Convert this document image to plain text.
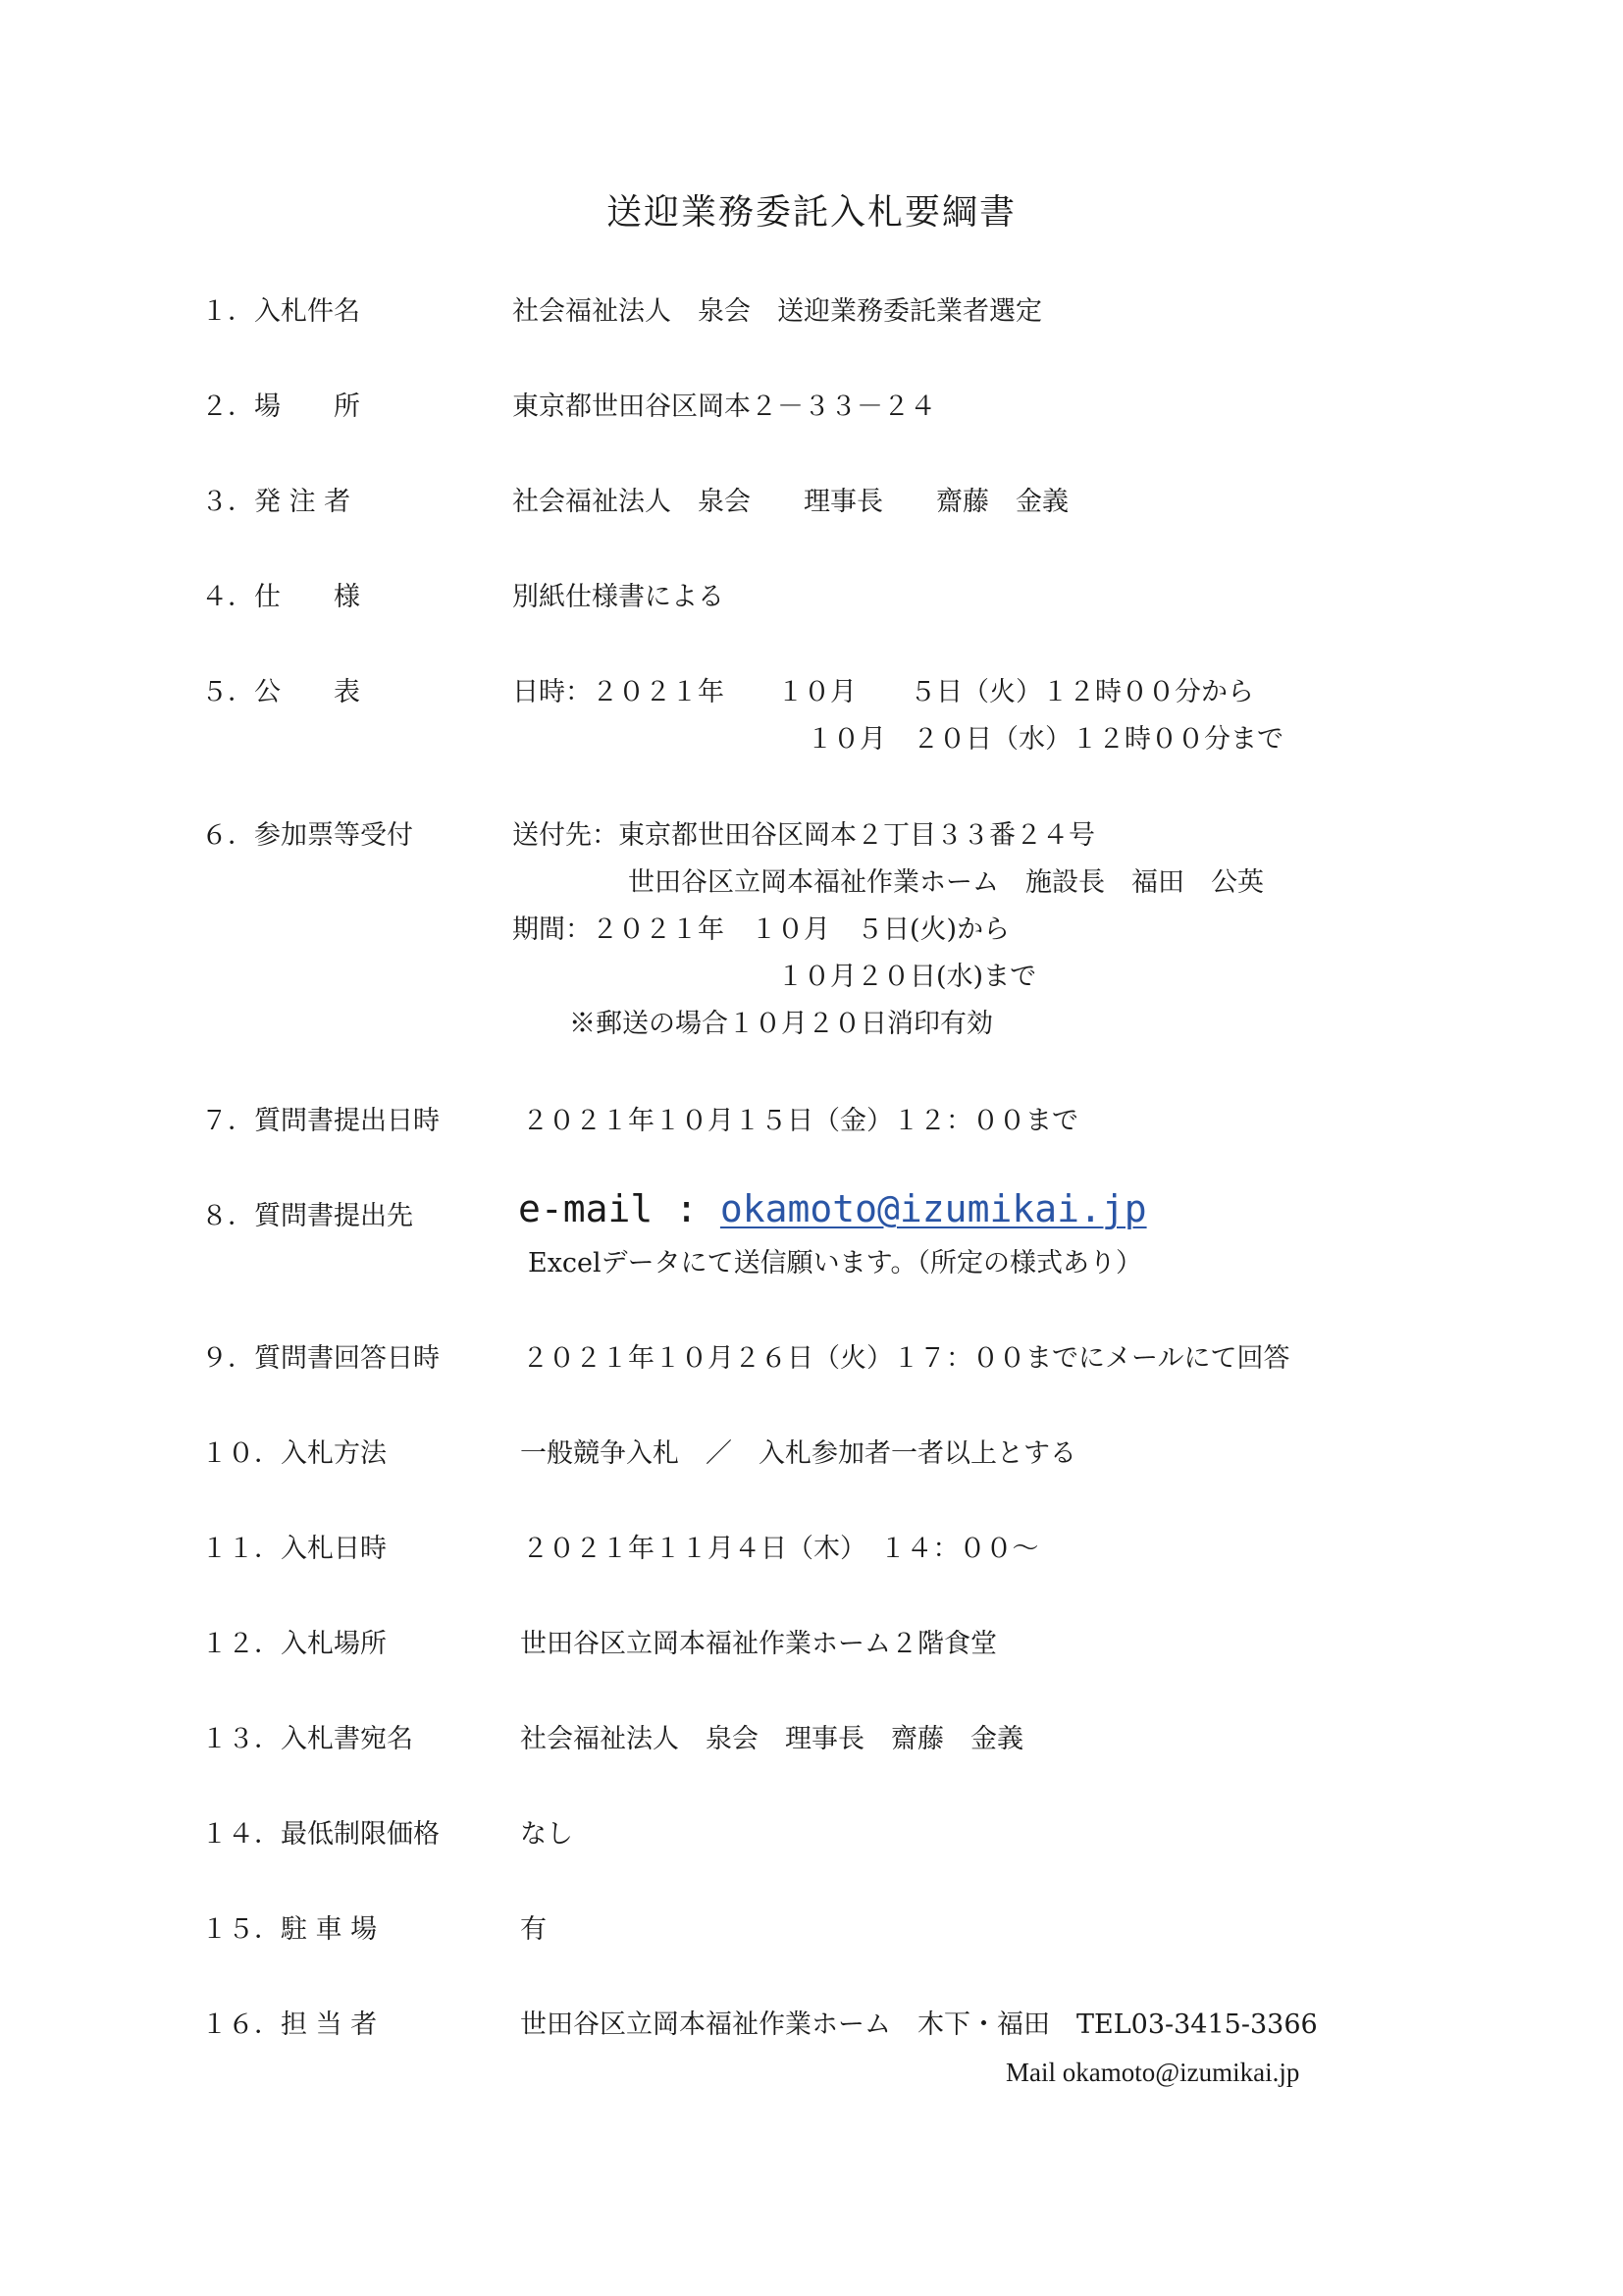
送迎業務委託入札要綱書
１．入札件名	社会福祉法人　泉会　送迎業務委託業者選定
２．場　　所	東京都世田谷区岡本２－３３－２４
３．発 注 者	社会福祉法人　泉会　　理事長　　齋藤　金義
４．仕　　様	別紙仕様書による
５．公　　表	日時：２０２１年　　１０月　　５日（火）１２時００分から
１０月　２０日（水）１２時００分まで
６．参加票等受付	送付先：東京都世田谷区岡本２丁目３３番２４号
世田谷区立岡本福祉作業ホーム　施設長　福田　公英
期間：２０２１年　１０月　５日(火)から
１０月２０日(水)まで
※郵送の場合１０月２０日消印有効
７．質問書提出日時	２０２１年１０月１５日（金）１２：００まで
８．質問書提出先	e-mail : okamoto@izumikai.jp
Excelデータにて送信願います。（所定の様式あり）
９．質問書回答日時	２０２１年１０月２６日（火）１７：００までにメールにて回答
１０．入札方法	一般競争入札　／　入札参加者一者以上とする
１１．入札日時	２０２１年１１月４日（木）　１４：００～
１２．入札場所	世田谷区立岡本福祉作業ホーム２階食堂
１３．入札書宛名	社会福祉法人　泉会　理事長　齋藤　金義
１４．最低制限価格	なし
１５．駐 車 場	有
１６．担 当 者	世田谷区立岡本福祉作業ホーム　木下・福田　TEL03-3415-3366
Mail okamoto@izumikai.jp
